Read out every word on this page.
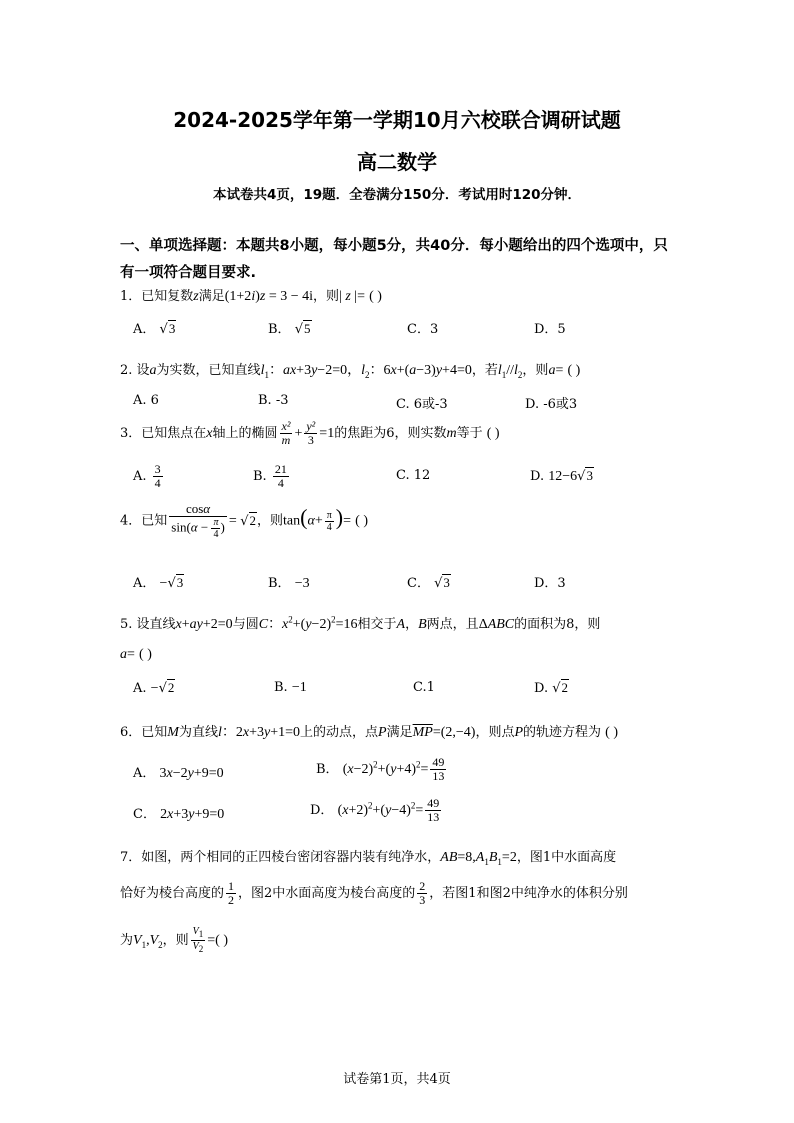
2024-2025学年第一学期10月六校联合调研试题
高二数学
本试卷共4页，19题．全卷满分150分．考试用时120分钟．
一、单项选择题：本题共8小题，每小题5分，共40分．每小题给出的四个选项中，只有一项符合题目要求.
1．已知复数z满足(1+2i)z = 3 − 4i，则| z |= ( )
A． √3	B． √5	C．3	D．5
2. 设a为实数，已知直线$l_1$：ax+3y−2=0，$l_2$：6x+(a−3)y+4=0，若$l_1//l_2$，则a= ( )
A. 6	B. -3	C. 6或-3	D. -6或3
3．已知焦点在x轴上的椭圆 $\frac{\text{x²}}{m} + \frac{\text{y²}}{3} =1$的焦距为6，则实数m等于 ( )
A. $\frac{3}{4}$	B. $\frac{21}{4}$	C. 12	D. 12−6√3
4．已知 $\frac{\cos\alpha}{\sin(\alpha - \frac{\pi}{4} )} = √2$，则$\tan(\alpha+ \frac{\pi}{4}$ )= ( )
A． −√3	B． −3	C． √3	D．3
5. 设直线x+ay+2=0与圆C：$x^2+(y-2)^2=16$相交于A，B两点，且ΔABC的面积为8，则
a= ( )
A. −√2	B. −1	C.1	D. √2
6．已知M为直线l：2x+3y+1=0上的动点，点P满足$\overline{MP}=(2,-4)$，则点P的轨迹方程为 ( )
A． 3x−2y+9=0	B． $(x-2)^2+(y+4)^2= \frac{49}{13}$
C． 2x+3y+9=0	D． $(x+2)^2+(y-4)^2= \frac{49}{13}$
7．如图，两个相同的正四棱台密闭容器内装有纯净水，$AB=8,A_1B_1=2$，图1中水面高度
恰好为棱台高度的 $\frac{1}{2}$ ，图2中水面高度为棱台高度的 $\frac{2}{3}$ ，若图1和图2中纯净水的体积分别
为$V_1,V_2$，则 $\frac{V_1}{V_2}$ =( )
试卷第1页，共4页
